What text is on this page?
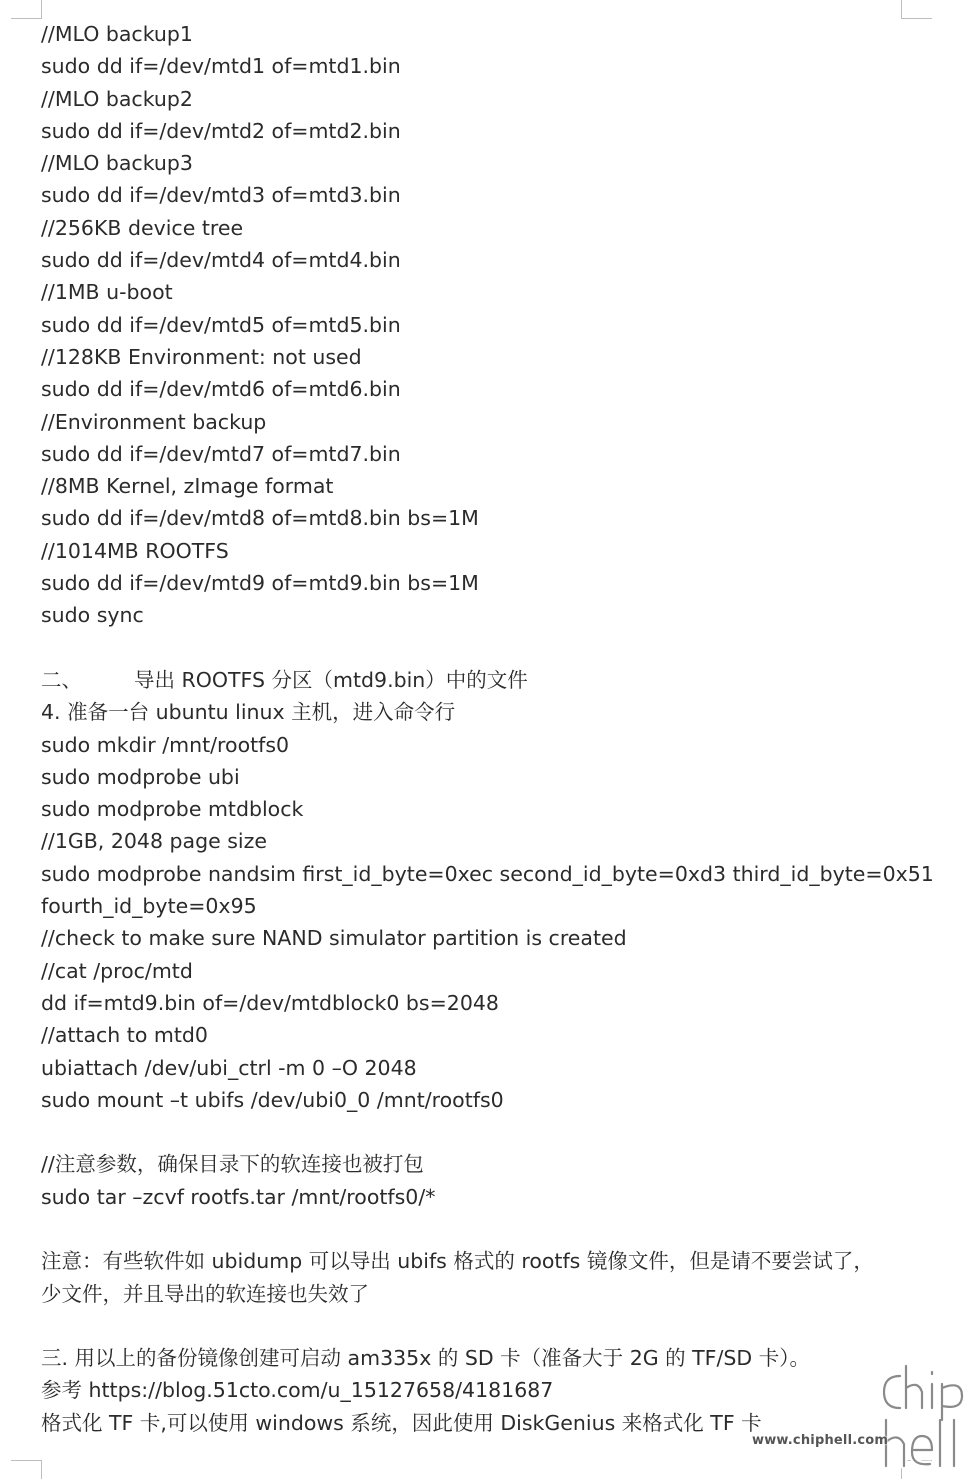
//MLO backup1
sudo dd if=/dev/mtd1 of=mtd1.bin
//MLO backup2
sudo dd if=/dev/mtd2 of=mtd2.bin
//MLO backup3
sudo dd if=/dev/mtd3 of=mtd3.bin
//256KB device tree
sudo dd if=/dev/mtd4 of=mtd4.bin
//1MB u-boot
sudo dd if=/dev/mtd5 of=mtd5.bin
//128KB Environment: not used
sudo dd if=/dev/mtd6 of=mtd6.bin
//Environment backup
sudo dd if=/dev/mtd7 of=mtd7.bin
//8MB Kernel, zImage format
sudo dd if=/dev/mtd8 of=mtd8.bin bs=1M
//1014MB ROOTFS
sudo dd if=/dev/mtd9 of=mtd9.bin bs=1M
sudo sync
二、	导出 ROOTFS 分区（mtd9.bin）中的文件
4. 准备一台 ubuntu linux 主机，进入命令行
sudo mkdir /mnt/rootfs0
sudo modprobe ubi
sudo modprobe mtdblock
//1GB, 2048 page size
sudo modprobe nandsim first_id_byte=0xec second_id_byte=0xd3 third_id_byte=0x51
fourth_id_byte=0x95
//check to make sure NAND simulator partition is created
//cat /proc/mtd
dd if=mtd9.bin of=/dev/mtdblock0 bs=2048
//attach to mtd0
ubiattach /dev/ubi_ctrl -m 0 –O 2048
sudo mount –t ubifs /dev/ubi0_0 /mnt/rootfs0
//注意参数，确保目录下的软连接也被打包
sudo tar –zcvf rootfs.tar /mnt/rootfs0/*
注意：有些软件如 ubidump 可以导出 ubifs 格式的 rootfs 镜像文件，但是请不要尝试了，
少文件，并且导出的软连接也失效了
三. 用以上的备份镜像创建可启动 am335x 的 SD 卡（准备大于 2G 的 TF/SD 卡）。
参考 https://blog.51cto.com/u_15127658/4181687
格式化 TF 卡,可以使用 windows 系统，因此使用 DiskGenius 来格式化 TF 卡
www.chiphell.com
